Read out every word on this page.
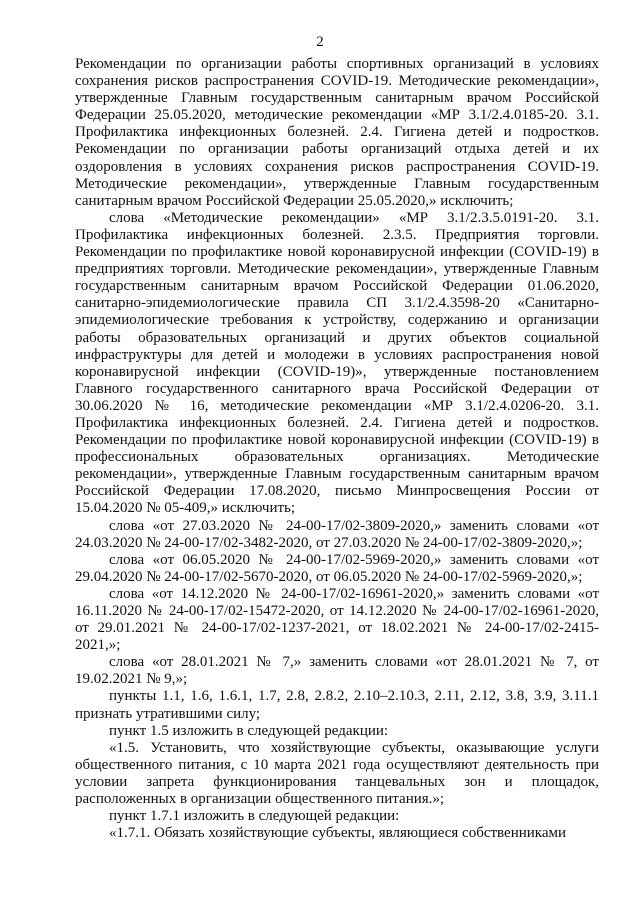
2

Рекомендации по организации работы спортивных организаций в условиях сохранения рисков распространения COVID-19. Методические рекомендации», утвержденные Главным государственным санитарным врачом Российской Федерации 25.05.2020, методические рекомендации «МР 3.1/2.4.0185-20. 3.1. Профилактика инфекционных болезней. 2.4. Гигиена детей и подростков. Рекомендации по организации работы организаций отдыха детей и их оздоровления в условиях сохранения рисков распространения COVID-19. Методические рекомендации», утвержденные Главным государственным санитарным врачом Российской Федерации 25.05.2020,» исключить;

слова «Методические рекомендации» «МР 3.1/2.3.5.0191-20. 3.1. Профилактика инфекционных болезней. 2.3.5. Предприятия торговли. Рекомендации по профилактике новой коронавирусной инфекции (COVID-19) в предприятиях торговли. Методические рекомендации», утвержденные Главным государственным санитарным врачом Российской Федерации 01.06.2020, санитарно-эпидемиологические правила СП 3.1/2.4.3598-20 «Санитарно-эпидемиологические требования к устройству, содержанию и организации работы образовательных организаций и других объектов социальной инфраструктуры для детей и молодежи в условиях распространения новой коронавирусной инфекции (COVID-19)», утвержденные постановлением Главного государственного санитарного врача Российской Федерации от 30.06.2020 № 16, методические рекомендации «МР 3.1/2.4.0206-20. 3.1. Профилактика инфекционных болезней. 2.4. Гигиена детей и подростков. Рекомендации по профилактике новой коронавирусной инфекции (COVID-19) в профессиональных образовательных организациях. Методические рекомендации», утвержденные Главным государственным санитарным врачом Российской Федерации 17.08.2020, письмо Минпросвещения России от 15.04.2020 № 05-409,» исключить;

слова «от 27.03.2020 № 24-00-17/02-3809-2020,» заменить словами «от 24.03.2020 № 24-00-17/02-3482-2020, от 27.03.2020 № 24-00-17/02-3809-2020,»;

слова «от 06.05.2020 № 24-00-17/02-5969-2020,» заменить словами «от 29.04.2020 № 24-00-17/02-5670-2020, от 06.05.2020 № 24-00-17/02-5969-2020,»;

слова «от 14.12.2020 № 24-00-17/02-16961-2020,» заменить словами «от 16.11.2020 № 24-00-17/02-15472-2020, от 14.12.2020 № 24-00-17/02-16961-2020, от 29.01.2021 № 24-00-17/02-1237-2021, от 18.02.2021 № 24-00-17/02-2415-2021,»;

слова «от 28.01.2021 № 7,» заменить словами «от 28.01.2021 № 7, от 19.02.2021 № 9,»;

пункты 1.1, 1.6, 1.6.1, 1.7, 2.8, 2.8.2, 2.10–2.10.3, 2.11, 2.12, 3.8, 3.9, 3.11.1 признать утратившими силу;

пункт 1.5 изложить в следующей редакции:

«1.5. Установить, что хозяйствующие субъекты, оказывающие услуги общественного питания, с 10 марта 2021 года осуществляют деятельность при условии запрета функционирования танцевальных зон и площадок, расположенных в организации общественного питания.»;

пункт 1.7.1 изложить в следующей редакции:

«1.7.1. Обязать хозяйствующие субъекты, являющиеся собственниками
